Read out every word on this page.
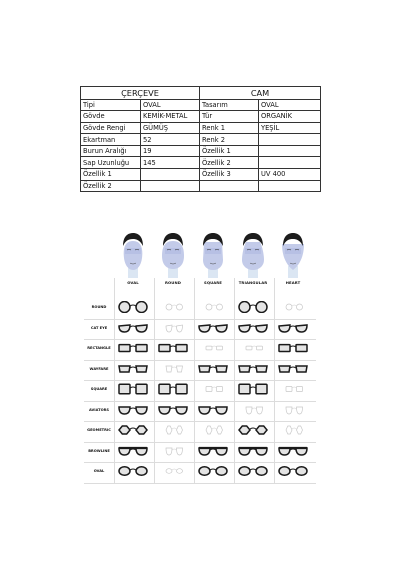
ÇERÇEVE		CAM	
Tipi	OVAL	Tasarım	OVAL
Gövde	KEMİK-METAL	Tür	ORGANİK
Gövde Rengi	GÜMÜŞ	Renk 1	YEŞİL
Ekartman	52	Renk 2	
Burun Aralığı	19	Özellik 1	
Sap Uzunluğu	145	Özellik 2	
Özellik 1		Özellik 3	UV 400
Özellik 2			
OVAL	ROUND	SQUARE	TRIANGULAR	HEART
ROUND
CAT EYE
RECTANGLE
WAYFARE
SQUARE
AVIATORS
GEOMETRIC
BROWLINE
OVAL
